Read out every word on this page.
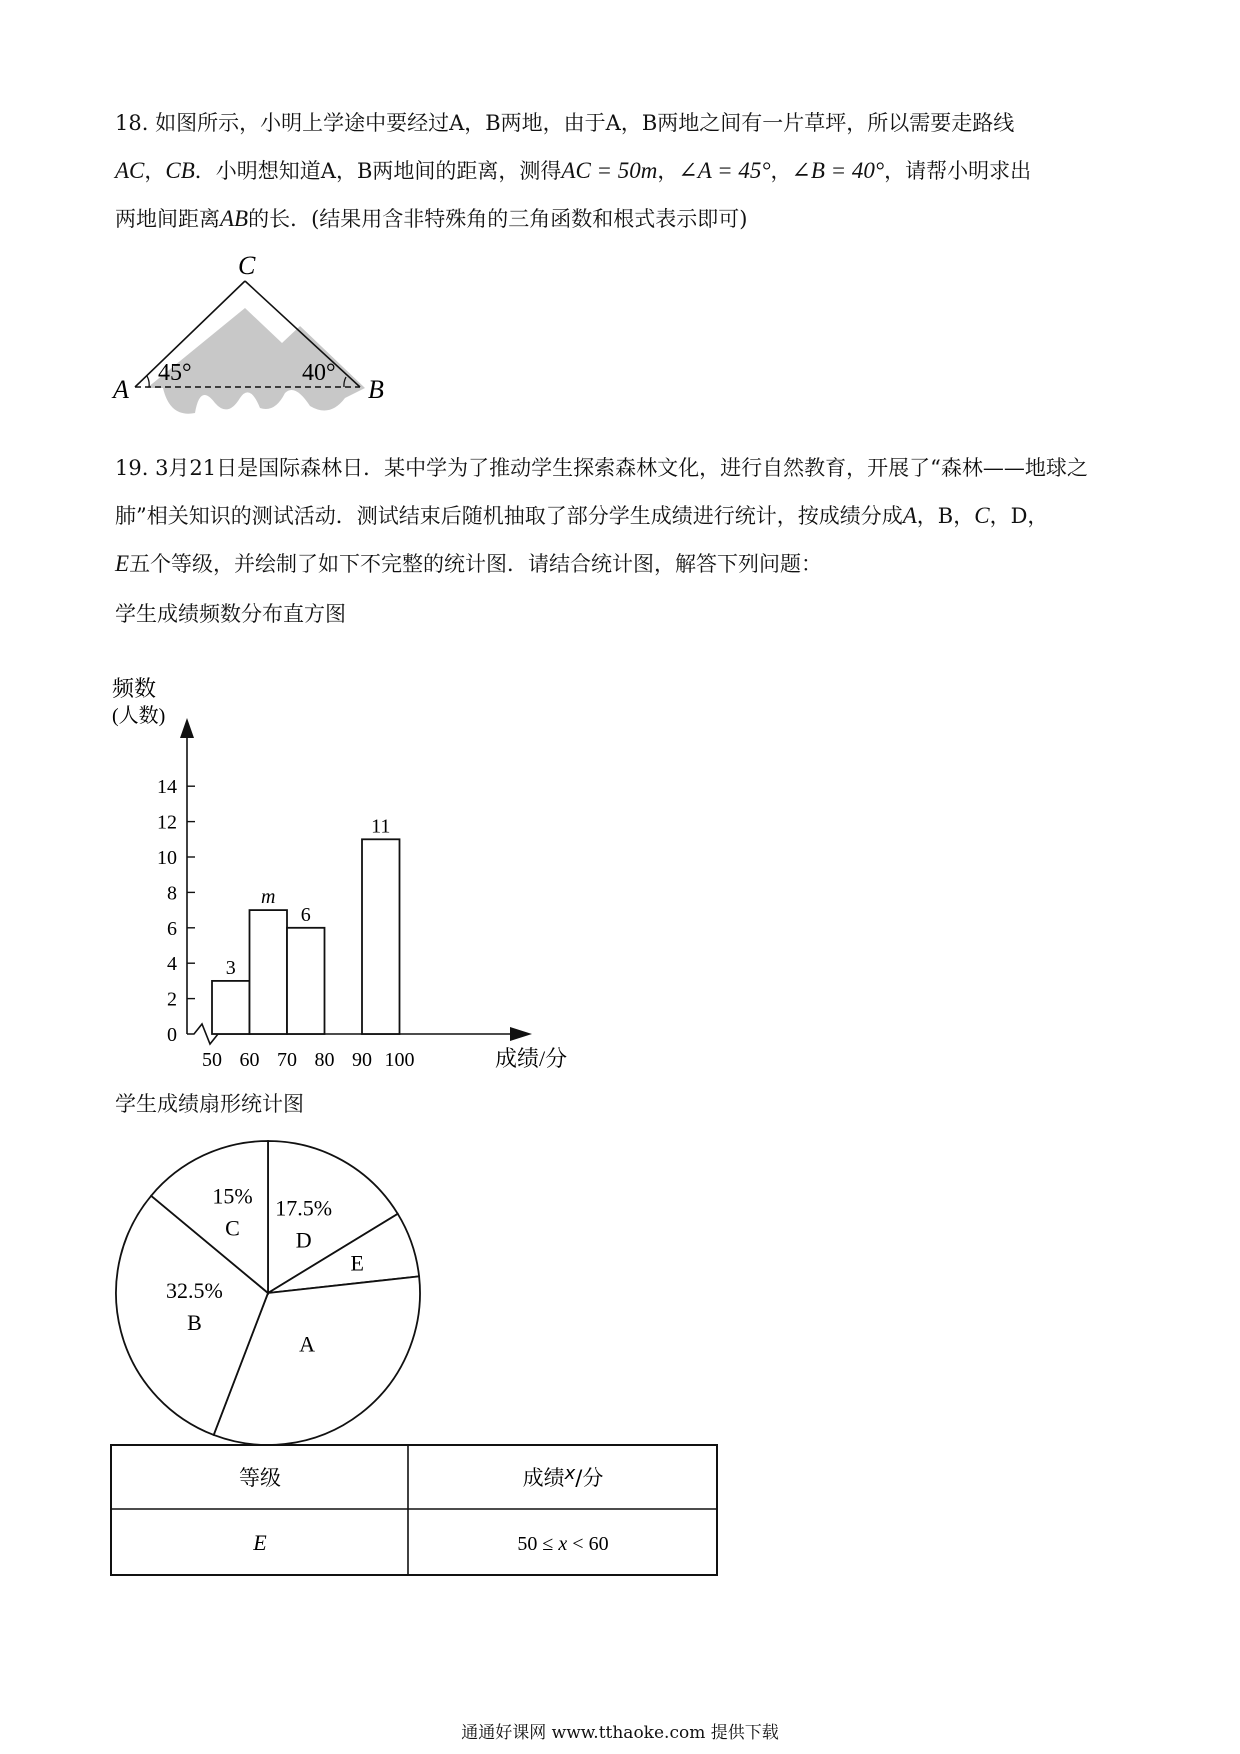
18. 如图所示，小明上学途中要经过A，B两地，由于A，B两地之间有一片草坪，所以需要走路线
AC，CB．小明想知道A，B两地间的距离，测得AC = 50m，∠A = 45°，∠B = 40°，请帮小明求出
两地间距离AB的长．(结果用含非特殊角的三角函数和根式表示即可)
C
A	B
45°	40°
19. 3月21日是国际森林日．某中学为了推动学生探索森林文化，进行自然教育，开展了“森林——地球之
肺”相关知识的测试活动．测试结束后随机抽取了部分学生成绩进行统计，按成绩分成A，B，C，D，
E五个等级，并绘制了如下不完整的统计图．请结合统计图，解答下列问题：
学生成绩频数分布直方图
频数
(人数)
成绩/分
0
2
4
6
8
10
12
14
50 60 70 80 90 100
3
m
6
11
学生成绩扇形统计图
17.5%
D
E
A
32.5%
B
15%
C
等级	成绩x/分
E	50 ≤ x < 60
通通好课网 www.tthaoke.com 提供下载
